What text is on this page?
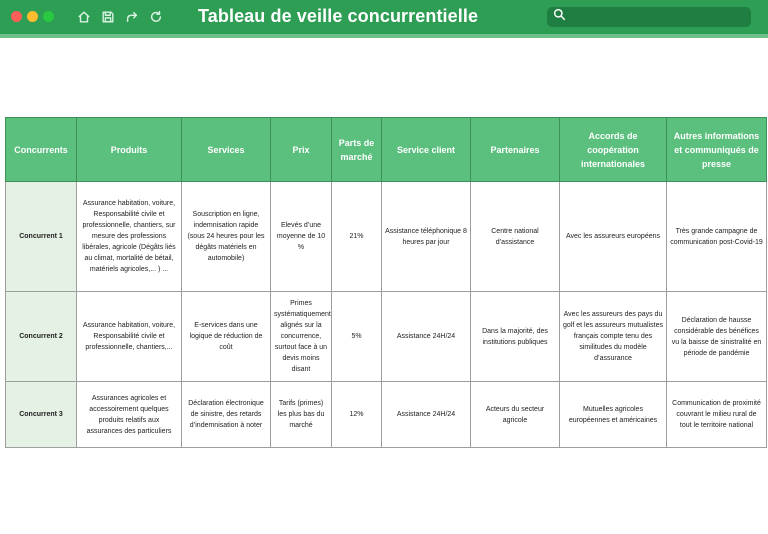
Tableau de veille concurrentielle
Concurrents	Produits	Services	Prix	Parts de marché	Service client	Partenaires	Accords de coopération internationales	Autres informations et communiqués de presse
Concurrent 1	Assurance habitation, voiture, Responsabilité civile et professionnelle, chantiers, sur mesure des professions libérales, agricole (Dégâts liés au climat, mortalité de bétail, matériels agricoles,... ) ...	Souscription en ligne, indemnisation rapide (sous 24 heures pour les dégâts matériels en automobile)	Elevés d’une moyenne de 10 %	21%	Assistance téléphonique 8 heures par jour	Centre national d’assistance	Avec les assureurs européens	Très grande campagne de communication post-Covid-19
Concurrent 2	Assurance habitation, voiture, Responsabilité civile et professionnelle, chantiers,...	E-services dans une logique de réduction de coût	Primes systématiquement alignés sur la concurrence, surtout face à un devis moins disant	5%	Assistance 24H/24	Dans la majorité, des institutions publiques	Avec les assureurs des pays du golf et les assureurs mutualistes français compte tenu des similitudes du modèle d’assurance	Déclaration de hausse considérable des bénéfices vu la baisse de sinistralité en période de pandémie
Concurrent 3	Assurances agricoles et accessoirement quelques produits relatifs aux assurances des particuliers	Déclaration électronique de sinistre, des retards d’indemnisation à noter	Tarifs (primes) les plus bas du marché	12%	Assistance 24H/24	Acteurs du secteur agricole	Mutuelles agricoles européennes et américaines	Communication de proximité couvrant le milieu rural de tout le territoire national
